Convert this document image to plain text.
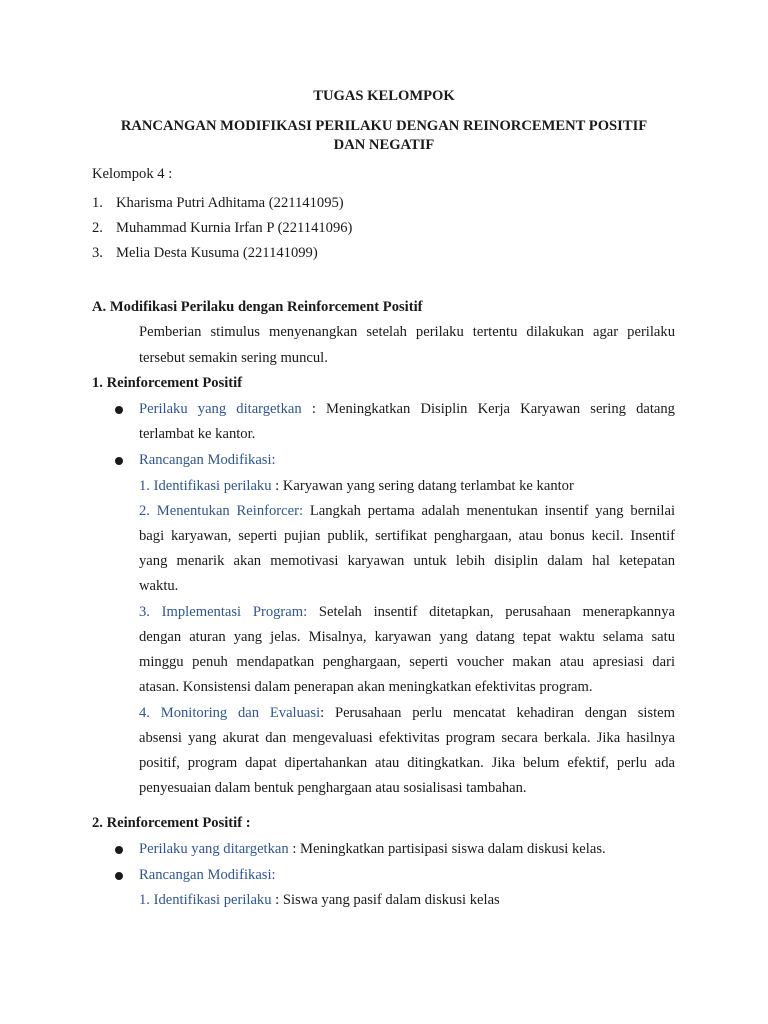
TUGAS KELOMPOK
RANCANGAN MODIFIKASI PERILAKU DENGAN REINORCEMENT POSITIF
DAN NEGATIF
Kelompok 4 :
1. Kharisma Putri Adhitama (221141095)
2. Muhammad Kurnia Irfan P (221141096)
3. Melia Desta Kusuma (221141099)
A. Modifikasi Perilaku dengan Reinforcement Positif
Pemberian stimulus menyenangkan setelah perilaku tertentu dilakukan agar perilaku
tersebut semakin sering muncul.
1. Reinforcement Positif
Perilaku yang ditargetkan : Meningkatkan Disiplin Kerja Karyawan sering datang
terlambat ke kantor.
Rancangan Modifikasi:
1. Identifikasi perilaku : Karyawan yang sering datang terlambat ke kantor
2. Menentukan Reinforcer: Langkah pertama adalah menentukan insentif yang bernilai
bagi karyawan, seperti pujian publik, sertifikat penghargaan, atau bonus kecil. Insentif
yang menarik akan memotivasi karyawan untuk lebih disiplin dalam hal ketepatan
waktu.
3. Implementasi Program: Setelah insentif ditetapkan, perusahaan menerapkannya
dengan aturan yang jelas. Misalnya, karyawan yang datang tepat waktu selama satu
minggu penuh mendapatkan penghargaan, seperti voucher makan atau apresiasi dari
atasan. Konsistensi dalam penerapan akan meningkatkan efektivitas program.
4. Monitoring dan Evaluasi: Perusahaan perlu mencatat kehadiran dengan sistem
absensi yang akurat dan mengevaluasi efektivitas program secara berkala. Jika hasilnya
positif, program dapat dipertahankan atau ditingkatkan. Jika belum efektif, perlu ada
penyesuaian dalam bentuk penghargaan atau sosialisasi tambahan.
2. Reinforcement Positif :
Perilaku yang ditargetkan : Meningkatkan partisipasi siswa dalam diskusi kelas.
Rancangan Modifikasi:
1. Identifikasi perilaku : Siswa yang pasif dalam diskusi kelas
